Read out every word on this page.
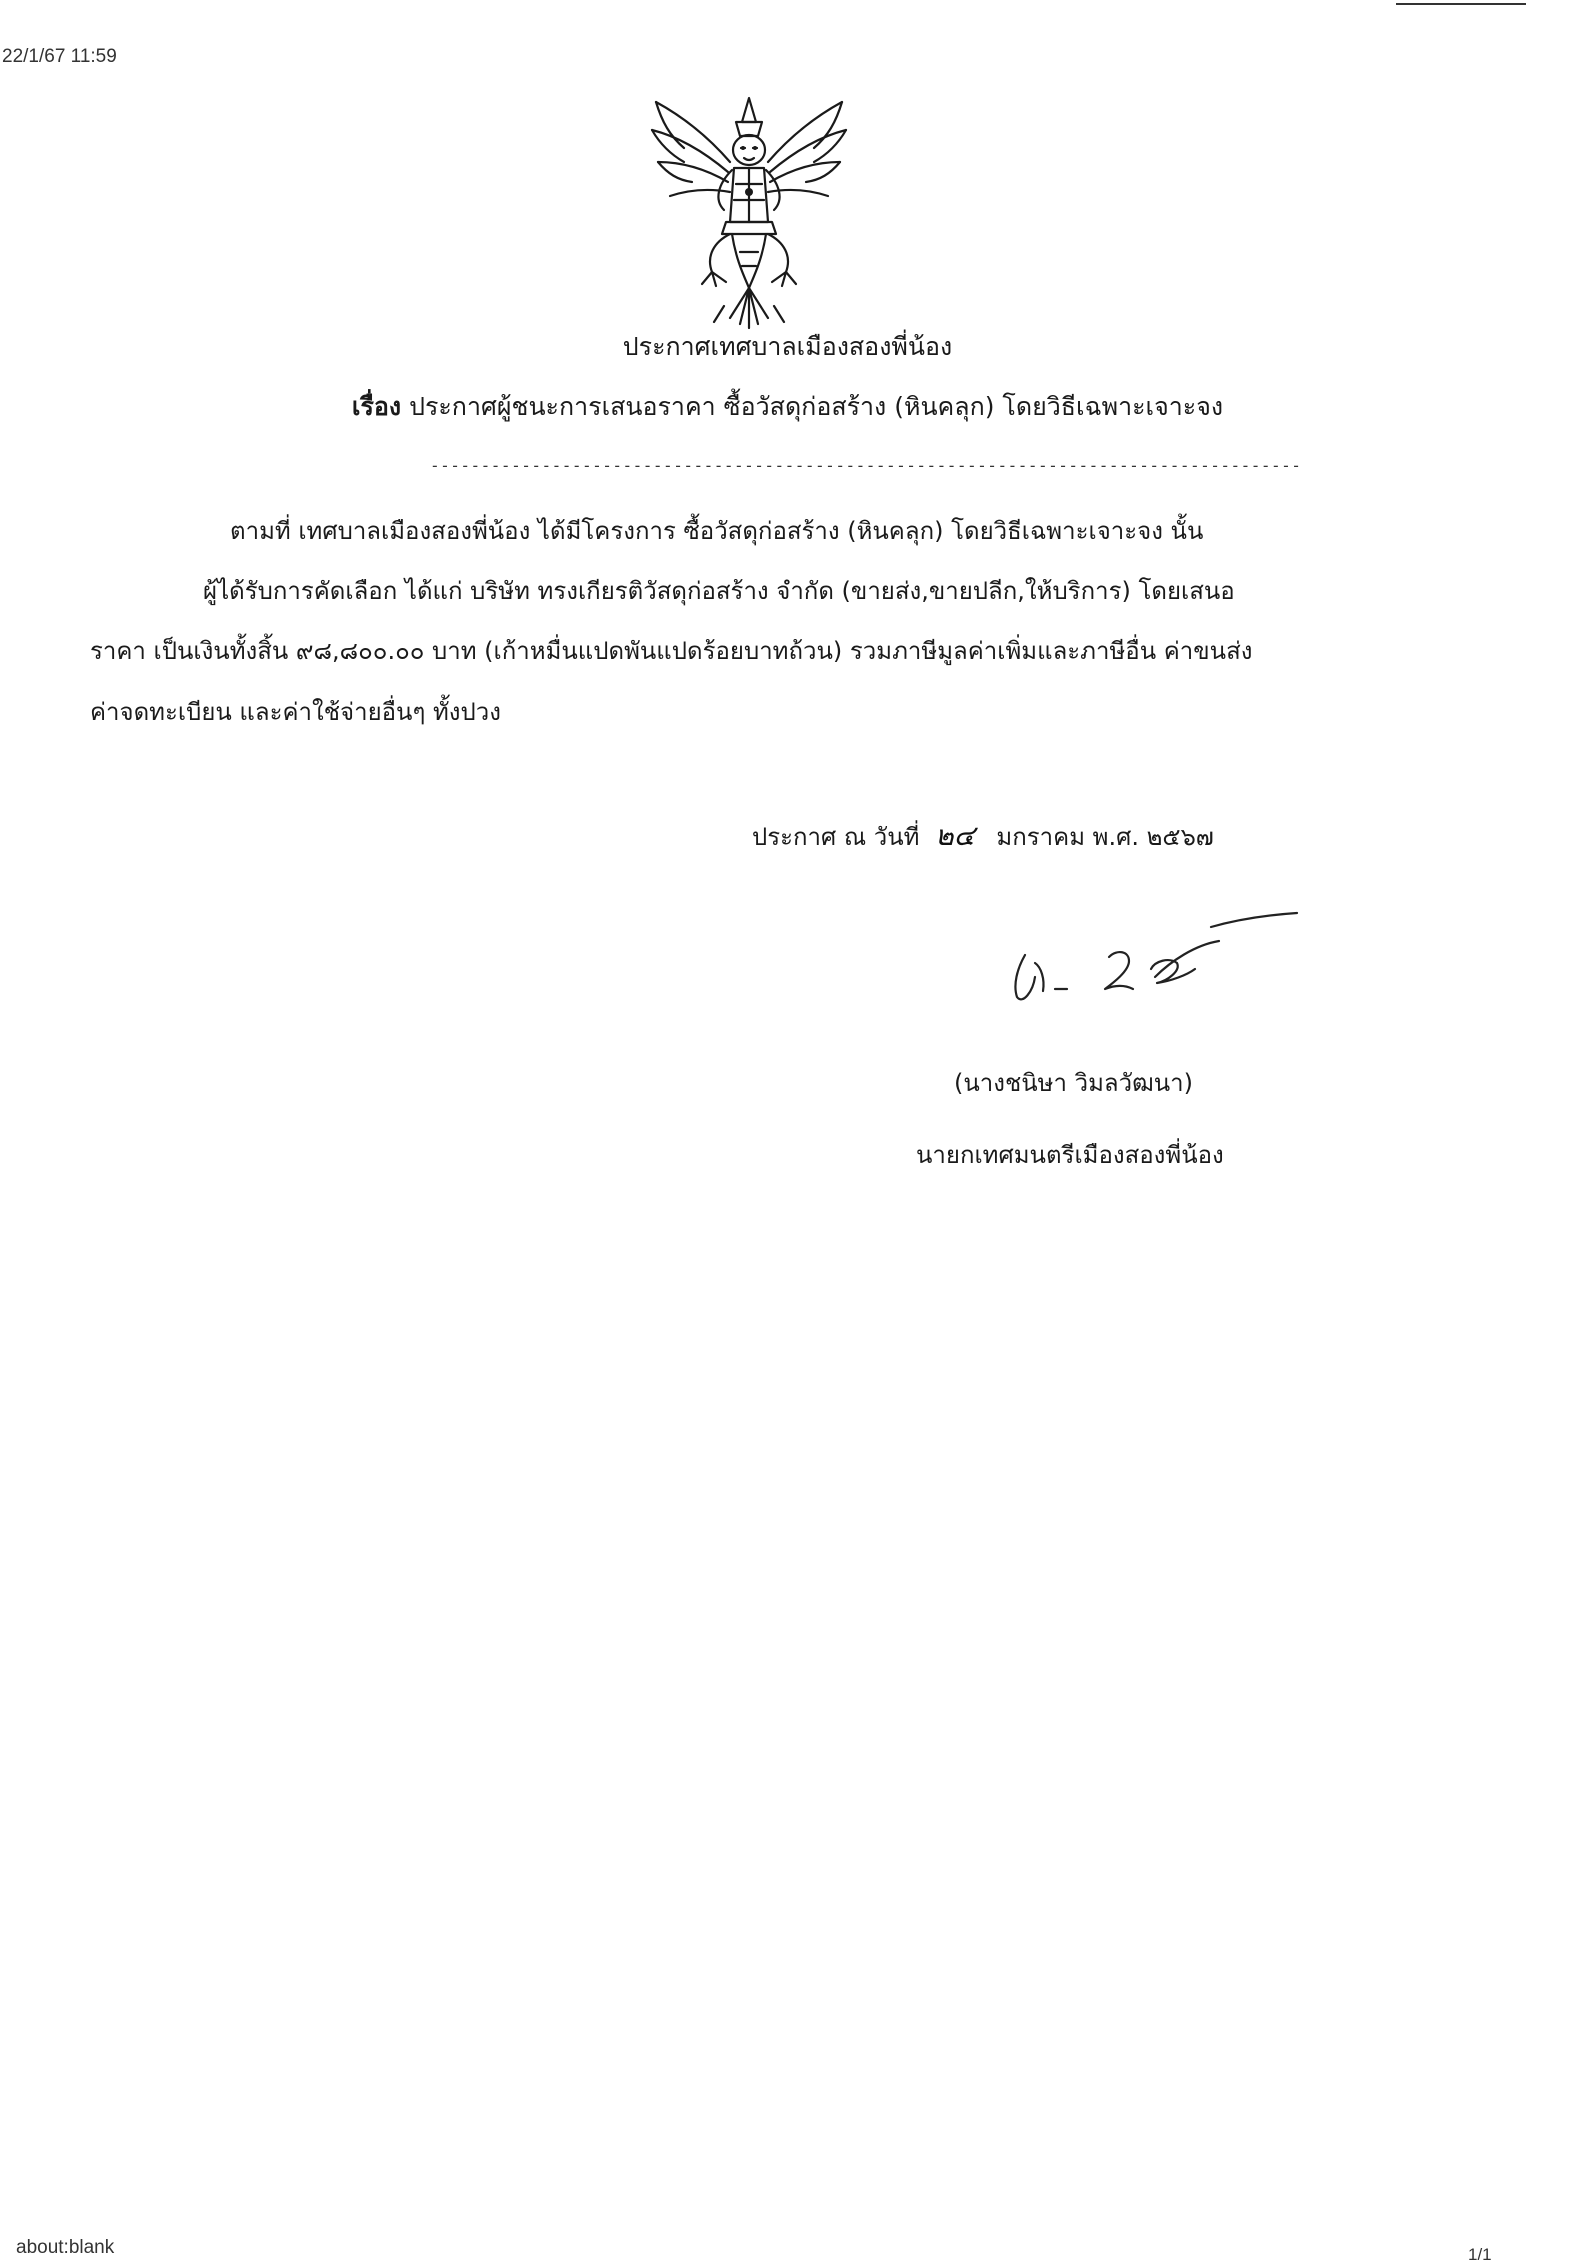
22/1/67 11:59
about:blank	1/1
ประกาศเทศบาลเมืองสองพี่น้อง
เรื่อง ประกาศผู้ชนะการเสนอราคา ซื้อวัสดุก่อสร้าง (หินคลุก) โดยวิธีเฉพาะเจาะจง
--------------------------------------------------------------------------------------
ตามที่ เทศบาลเมืองสองพี่น้อง ได้มีโครงการ ซื้อวัสดุก่อสร้าง (หินคลุก) โดยวิธีเฉพาะเจาะจง นั้น
ผู้ได้รับการคัดเลือก ได้แก่ บริษัท ทรงเกียรติวัสดุก่อสร้าง จำกัด (ขายส่ง,ขายปลีก,ให้บริการ) โดยเสนอ
ราคา เป็นเงินทั้งสิ้น ๙๘,๘๐๐.๐๐ บาท (เก้าหมื่นแปดพันแปดร้อยบาทถ้วน) รวมภาษีมูลค่าเพิ่มและภาษีอื่น ค่าขนส่ง
ค่าจดทะเบียน และค่าใช้จ่ายอื่นๆ ทั้งปวง
ประกาศ ณ วันที่ ๒๔ มกราคม พ.ศ. ๒๕๖๗
(นางชนิษา วิมลวัฒนา)
นายกเทศมนตรีเมืองสองพี่น้อง
